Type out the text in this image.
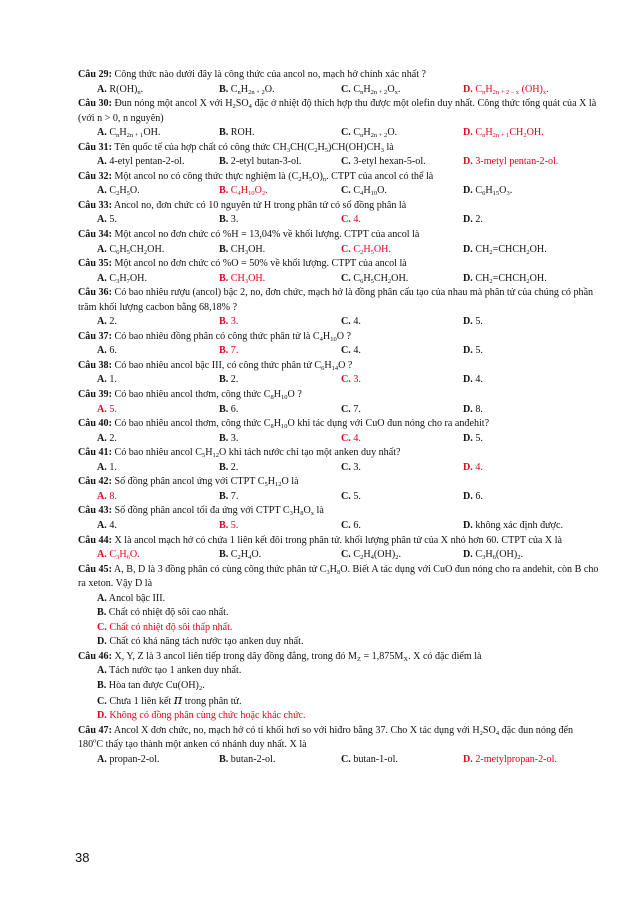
Câu 29: Công thức nào dưới đây là công thức của ancol no, mạch hở chính xác nhất ?

A. $R(OH)_n$.	B. $C_nH_{2n + 2}O$.	C. $C_nH_{2n + 2}O_x$.	D. $C_nH_{2n + 2 - x}$ $(OH)_x$.

Câu 30: Đun nóng một ancol X với $H_2SO_4$ đặc ở nhiệt độ thích hợp thu được một olefin duy nhất. Công thức tổng quát của X là (với n > 0, n nguyên)

A. $C_nH_{2n + 1}OH$.	B. ROH.	C. $C_nH_{2n + 2}O$.	D. $C_nH_{2n + 1}CH_2OH$.

Câu 31: Tên quốc tế của hợp chất có công thức $CH_3CH(C_2H_5)CH(OH)CH_3$ là

A. 4-etyl pentan-2-ol.	B. 2-etyl butan-3-ol.	C. 3-etyl hexan-5-ol.	D. 3-metyl pentan-2-ol.

Câu 32: Một ancol no có công thức thực nghiệm là $(C_2H_5O)_n$. CTPT của ancol có thể là

A. $C_2H_5O$.	B. $C_4H_{10}O_2$.	C. $C_4H_{10}O$.	D. $C_6H_{15}O_3$.

Câu 33: Ancol no, đơn chức có 10 nguyên tử H trong phân tử có số đồng phân là

A. 5.	B. 3.	C. 4.	D. 2.

Câu 34: Một ancol no đơn chức có %H = 13,04% về khối lượng. CTPT của ancol là

A. $C_6H_5CH_2OH$.	B. $CH_3OH$.	C. $C_2H_5OH$.	D. $CH_2=CHCH_2OH$.

Câu 35: Một ancol no đơn chức có %O = 50% về khối lượng. CTPT của ancol là

A. $C_3H_7OH$.	B. $CH_3OH$.	C. $C_6H_5CH_2OH$.	D. $CH_2=CHCH_2OH$.

Câu 36: Có bao nhiêu rượu (ancol) bậc 2, no, đơn chức, mạch hở là đồng phân cấu tạo của nhau mà phân tử của chúng có phần trăm khối lượng cacbon bằng 68,18% ?

A. 2.	B. 3.	C. 4.	D. 5.

Câu 37: Có bao nhiêu đồng phân có công thức phân tử là $C_4H_{10}O$ ?

A. 6.	B. 7.	C. 4.	D. 5.

Câu 38: Có bao nhiêu ancol bậc III, có công thức phân tử $C_6H_{14}O$ ?

A. 1.	B. 2.	C. 3.	D. 4.

Câu 39: Có bao nhiêu ancol thơm, công thức $C_8H_{10}O$ ?

A. 5.	B. 6.	C. 7.	D. 8.

Câu 40: Có bao nhiêu ancol thơm, công thức $C_8H_{10}O$ khi tác dụng với CuO đun nóng cho ra anđehit?

A. 2.	B. 3.	C. 4.	D. 5.

Câu 41: Có bao nhiêu ancol $C_5H_{12}O$ khi tách nước chỉ tạo một anken duy nhất?

A. 1.	B. 2.	C. 3.	D. 4.

Câu 42: Số đồng phân ancol ứng với CTPT $C_5H_{12}O$ là

A. 8.	B. 7.	C. 5.	D. 6.

Câu 43: Số đồng phân ancol tối đa ứng với CTPT $C_3H_8O_x$ là

A. 4.	B. 5.	C. 6.	D. không xác định được.

Câu 44: X là ancol mạch hở có chứa 1 liên kết đôi trong phân tử. khối lượng phân tử của X nhỏ hơn 60. CTPT của X là

A. $C_3H_6O$.	B. $C_2H_4O$.	C. $C_2H_4(OH)_2$.	D. $C_3H_6(OH)_2$.

Câu 45: A, B, D là 3 đồng phân có cùng công thức phân tử $C_3H_8O$. Biết A tác dụng với CuO đun nóng cho ra andehit, còn B cho ra xeton. Vậy D là

A. Ancol bậc III.
B. Chất có nhiệt độ sôi cao nhất.
C. Chất có nhiệt độ sôi thấp nhất.
D. Chất có khả năng tách nước tạo anken duy nhất.

Câu 46: X, Y, Z là 3 ancol liên tiếp trong dãy đồng đẳng, trong đó $M_Z = 1,875M_X$. X có đặc điểm là

A. Tách nước tạo 1 anken duy nhất.
B. Hòa tan được $Cu(OH)_2$.
C. Chưa 1 liên kết π trong phân tử.
D. Không có đồng phân cùng chức hoặc khác chức.

Câu 47: Ancol X đơn chức, no, mạch hở có tỉ khối hơi so với hiđro bằng 37. Cho X tác dụng với $H_2SO_4$ đặc đun nóng đến 180$^o$C thấy tạo thành một anken có nhánh duy nhất. X là

A. propan-2-ol.	B. butan-2-ol.	C. butan-1-ol.	D. 2-metylpropan-2-ol.
38
